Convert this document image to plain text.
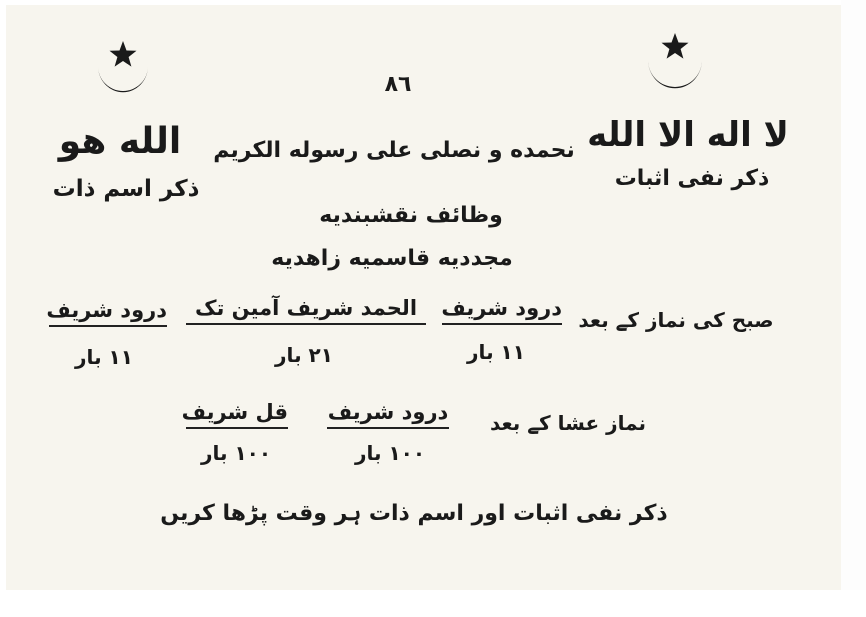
٨٦
الله هو
ذکر اسم ذات
لا اله الا الله
ذکر نفی اثبات
نحمده و نصلی علی رسوله الکریم
وظائف نقشبندیه
مجددیه قاسمیه زاهدیه
صبح کی نماز کے بعد
درود شریف
۱۱ بار
الحمد شریف آمین تک
۲۱ بار
درود شریف
۱۱ بار
نماز عشا کے بعد
درود شریف
۱۰۰ بار
قل شریف
۱۰۰ بار
ذکر نفی اثبات اور اسم ذات ہر وقت پڑھا کریں
